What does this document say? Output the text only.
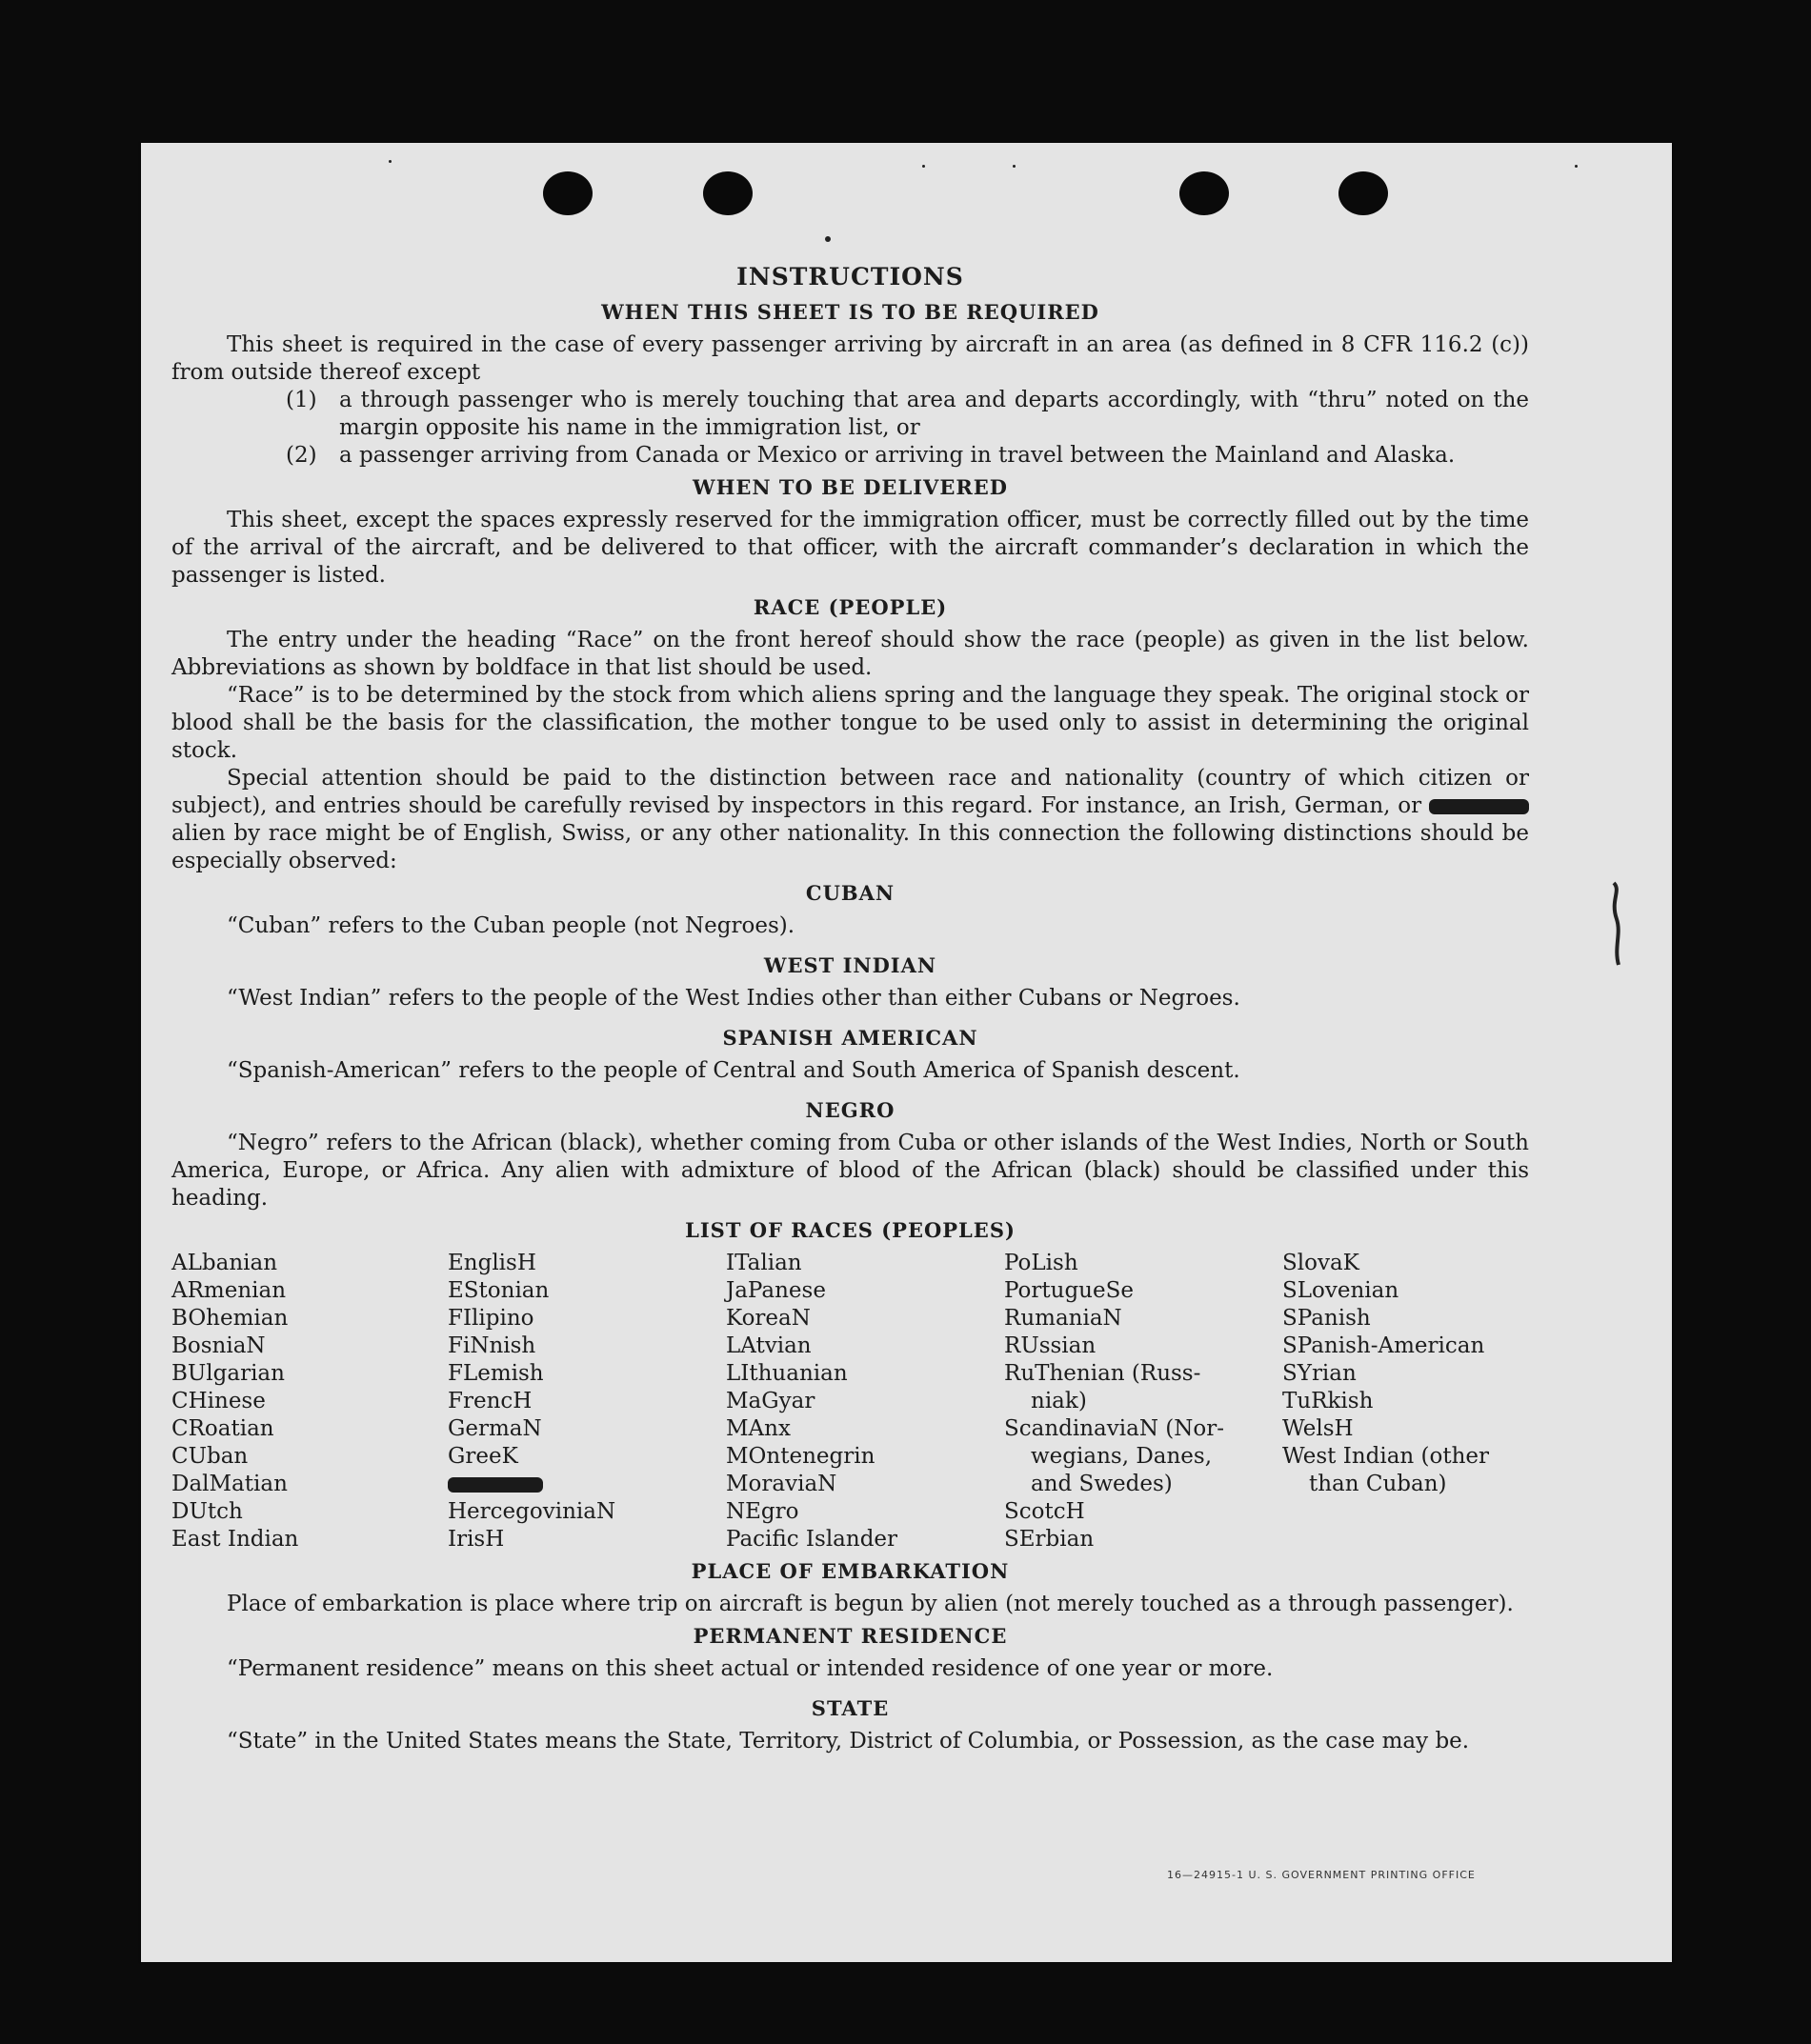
INSTRUCTIONS
WHEN THIS SHEET IS TO BE REQUIRED

This sheet is required in the case of every passenger arriving by aircraft in an area (as defined in 8 CFR 116.2 (c)) from outside thereof except

(1)	a through passenger who is merely touching that area and departs accordingly, with “thru” noted on the margin opposite his name in the immigration list, or
(2)	a passenger arriving from Canada or Mexico or arriving in travel between the Mainland and Alaska.
WHEN TO BE DELIVERED

This sheet, except the spaces expressly reserved for the immigration officer, must be correctly filled out by the time of the arrival of the aircraft, and be delivered to that officer, with the aircraft commander’s declaration in which the passenger is listed.

RACE (PEOPLE)

The entry under the heading “Race” on the front hereof should show the race (people) as given in the list below. Abbreviations as shown by boldface in that list should be used.

“Race” is to be determined by the stock from which aliens spring and the language they speak. The original stock or blood shall be the basis for the classification, the mother tongue to be used only to assist in determining the original stock.

Special attention should be paid to the distinction between race and nationality (country of which citizen or subject), and entries should be carefully revised by inspectors in this regard. For instance, an Irish, German, or  alien by race might be of English, Swiss, or any other nationality. In this connection the following distinctions should be especially observed:

CUBAN

“Cuban” refers to the Cuban people (not Negroes).

WEST INDIAN

“West Indian” refers to the people of the West Indies other than either Cubans or Negroes.

SPANISH AMERICAN

“Spanish-American” refers to the people of Central and South America of Spanish descent.

NEGRO

“Negro” refers to the African (black), whether coming from Cuba or other islands of the West Indies, North or South America, Europe, or Africa. Any alien with admixture of blood of the African (black) should be classified under this heading.

LIST OF RACES (PEOPLES)
ALbanian
ARmenian
BOhemian
BosniaN
BUlgarian
CHinese
CRoatian
CUban
DalMatian
DUtch
East Indian
EnglisH
EStonian
FIlipino
FiNnish
FLemish
FrencH
GermaN
GreeK
HercegoviniaN
IrisH
ITalian
JaPanese
KoreaN
LAtvian
LIthuanian
MaGyar
MAnx
MOntenegrin
MoraviaN
NEgro
Pacific Islander
PoLish
PortugueSe
RumaniaN
RUssian
RuThenian (Russ-
niak)
ScandinaviaN (Nor-
wegians, Danes,
and Swedes)
ScotcH
SErbian
SlovaK
SLovenian
SPanish
SPanish-American
SYrian
TuRkish
WelsH
West Indian (other
than Cuban)
PLACE OF EMBARKATION

Place of embarkation is place where trip on aircraft is begun by alien (not merely touched as a through passenger).

PERMANENT RESIDENCE

“Permanent residence” means on this sheet actual or intended residence of one year or more.

STATE

“State” in the United States means the State, Territory, District of Columbia, or Possession, as the case may be.

16—24915-1 U. S. GOVERNMENT PRINTING OFFICE
